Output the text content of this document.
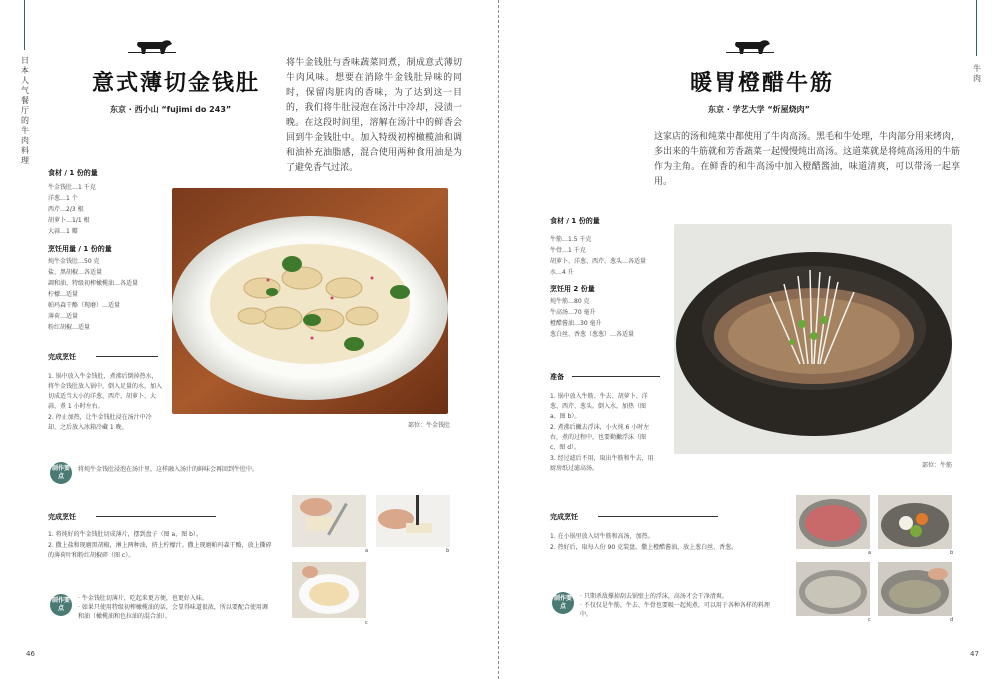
日本人气餐厅的牛肉料理
意式薄切金钱肚
东京 · 西小山 “fujimi do 243”
将牛金钱肚与香味蔬菜同煮，制成意式薄切牛肉风味。想要在消除牛金钱肚异味的同时，保留肉脏肉的香味，为了达到这一目的，我们将牛肚浸泡在汤汁中冷却，浸渍一晚。在这段时间里，溶解在汤汁中的鲜香会回到牛金钱肚中。加入特级初榨橄榄油和调和油补充油脂感，混合使用两种食用油是为了避免香气过浓。
食材 / 1 份的量
牛金钱肚…1 千克
洋葱…1 个
西芹…2/3 根
胡萝卜…1/1 根
大蒜…1 瓣
烹饪用量 / 1 份的量
炖牛金钱肚…50 克
盐、黑胡椒…各适量
調和油、特级初榨橄榄油…各适量
柠檬…适量
帕玛森干酪（现磨）…适量
薄荷…适量
粉红胡椒…适量
完成烹饪
1. 锅中放入牛金钱肚，煮沸后倒掉热水，将牛金钱肚放入锅中，倒入足量的水，加入切成适当大小的洋葱、西芹、胡萝卜、大蒜，煮 1 小时左右。
2. 停止加热，让牛金钱肚浸在汤汁中冷却，之后放入冰箱冷藏 1 晚。	部位：牛金钱肚
制作要点
将炖牛金钱肚浸泡在汤汁里，这样融入汤汁的鲜味会再回到牛肚中。
完成烹饪
1. 将炖好的牛金钱肚切成薄片，摆到盘子（图 a、图 b）。
2. 撒上盐和现磨黑胡椒，淋上两种油，挤上柠檬汁。撒上现磨帕玛森干酪，放上撕碎的薄荷叶和粉红胡椒碎（图 c）。
制作要点
· 牛金钱肚切薄片，吃起来更方便，也更好入味。
· 如果只使用特级初榨橄榄油的话，会显得味道很浓，所以要配合使用调和油（橄榄油和色拉油的混合油）。
a	b
c
46
牛肉
暖胃橙醋牛筋
东京 · 学艺大学 “炘屋烧肉”
这家店的汤和炖菜中都使用了牛肉高汤。黑毛和牛处理，牛肉部分用来烤肉，多出来的牛筋就和芳香蔬菜一起慢慢炖出高汤。这道菜就是将炖高汤用的牛筋作为主角。在鲜香的和牛高汤中加入橙醋酱油，味道清爽，可以带汤一起享用。
食材 / 1 份的量
牛筋…1.5 千克
牛骨…1 千克
胡萝卜、洋葱、西芹、葱头…各适量
水…4 升
烹饪用 2 份量
炖牛筋…80 克
牛高汤…70 毫升
橙醋酱油…30 毫升
葱白丝、香葱（葱葱）…各适量
准备
1. 锅中放入牛筋、牛去、胡萝卜、洋葱、西芹、葱头。倒入水，加热（图 a、图 b）。
2. 煮沸后撇去浮沫，小火炖 6 小时左右，煮的过程中，也要勤撇浮沫（图 c、图 d）。
3. 经过滤后不用，取出牛筋和牛去，用厨房纸过滤高汤。	部位：牛筋
完成烹饪
1. 在小锅里放入切牛筋和高汤，加热。
2. 热好后，取每人份 90 克装盘。撒上橙醋酱油，放上葱白丝、香葱。
制作要点
· 只期杀敌撑掉刮去锅壁上的浮沫，高汤才会干净清爽。
· 不仅仅是牛筋，牛去、牛骨也要吸一起炖煮，可以用于各种各样的料理中。
a	b
c	d
47
